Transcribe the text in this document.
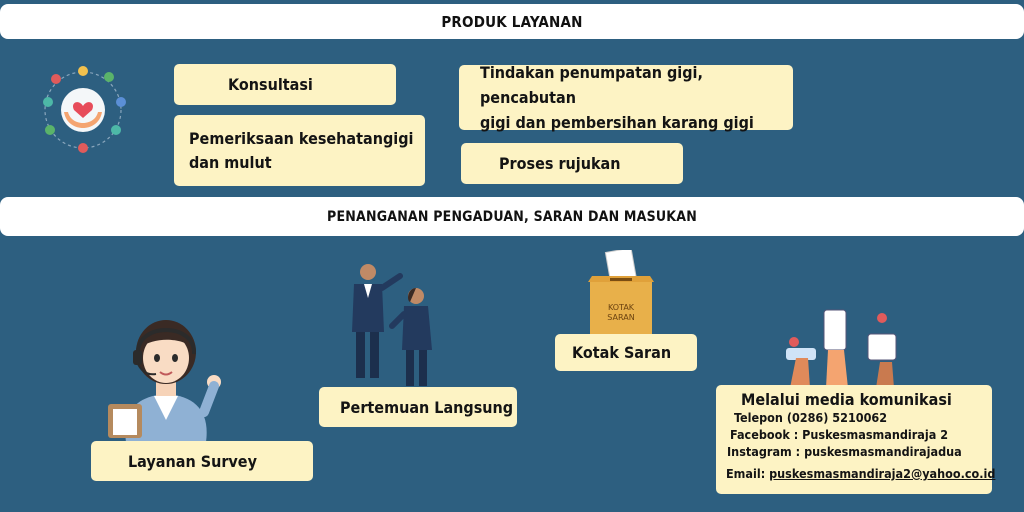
PRODUK LAYANAN
PENANGANAN PENGADUAN, SARAN DAN MASUKAN
Konsultasi
Pemeriksaan kesehatangigi
dan mulut
Tindakan penumpatan gigi, pencabutan
gigi dan pembersihan karang gigi
Proses rujukan
KOTAK
SARAN
Layanan Survey
Pertemuan Langsung
Kotak Saran
Melalui media komunikasi
Telepon (0286) 5210062
Facebook : Puskesmasmandiraja 2
Instagram : puskesmasmandirajadua
Email: puskesmasmandiraja2@yahoo.co.id
